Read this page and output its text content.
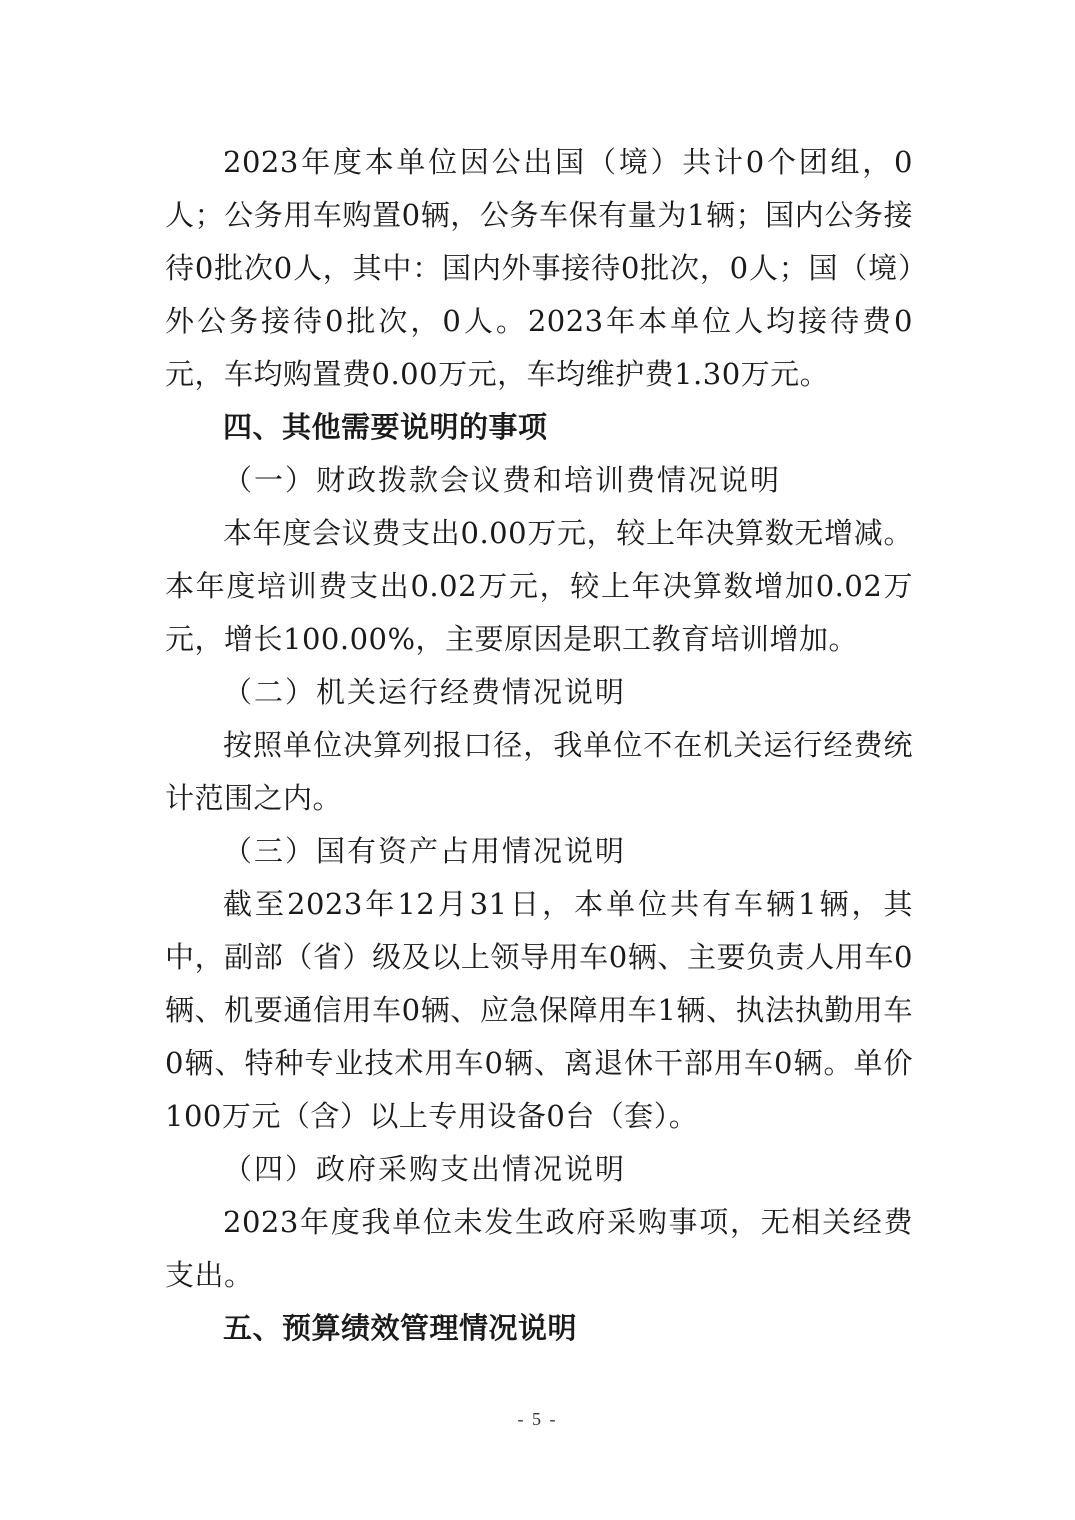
2023年度本单位因公出国（境）共计0个团组，0人；公务用车购置0辆，公务车保有量为1辆；国内公务接待0批次0人，其中：国内外事接待0批次，0人；国（境）外公务接待0批次，0人。2023年本单位人均接待费0元，车均购置费0.00万元，车均维护费1.30万元。

四、其他需要说明的事项

（一）财政拨款会议费和培训费情况说明

本年度会议费支出0.00万元，较上年决算数无增减。本年度培训费支出0.02万元，较上年决算数增加0.02万元，增长100.00%，主要原因是职工教育培训增加。

（二）机关运行经费情况说明

按照单位决算列报口径，我单位不在机关运行经费统计范围之内。

（三）国有资产占用情况说明

截至2023年12月31日，本单位共有车辆1辆，其中，副部（省）级及以上领导用车0辆、主要负责人用车0辆、机要通信用车0辆、应急保障用车1辆、执法执勤用车0辆、特种专业技术用车0辆、离退休干部用车0辆。单价100万元（含）以上专用设备0台（套）。

（四）政府采购支出情况说明

2023年度我单位未发生政府采购事项，无相关经费支出。

五、预算绩效管理情况说明

- 5 -
